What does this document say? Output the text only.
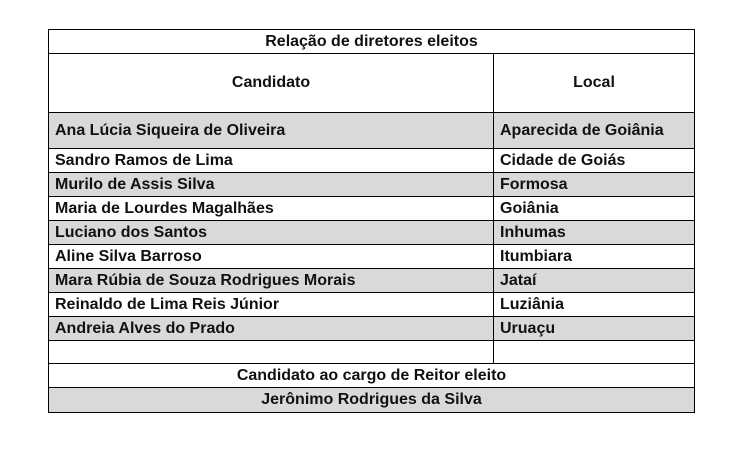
Relação de diretores eleitos
Candidato	Local
Ana Lúcia Siqueira de Oliveira	Aparecida de Goiânia
Sandro Ramos de Lima	Cidade de Goiás
Murilo de Assis Silva	Formosa
Maria de Lourdes Magalhães	Goiânia
Luciano dos Santos	Inhumas
Aline Silva Barroso	Itumbiara
Mara Rúbia de Souza Rodrigues Morais	Jataí
Reinaldo de Lima Reis Júnior	Luziânia
Andreia Alves do Prado	Uruaçu
Candidato ao cargo de Reitor eleito
Jerônimo Rodrigues da Silva
